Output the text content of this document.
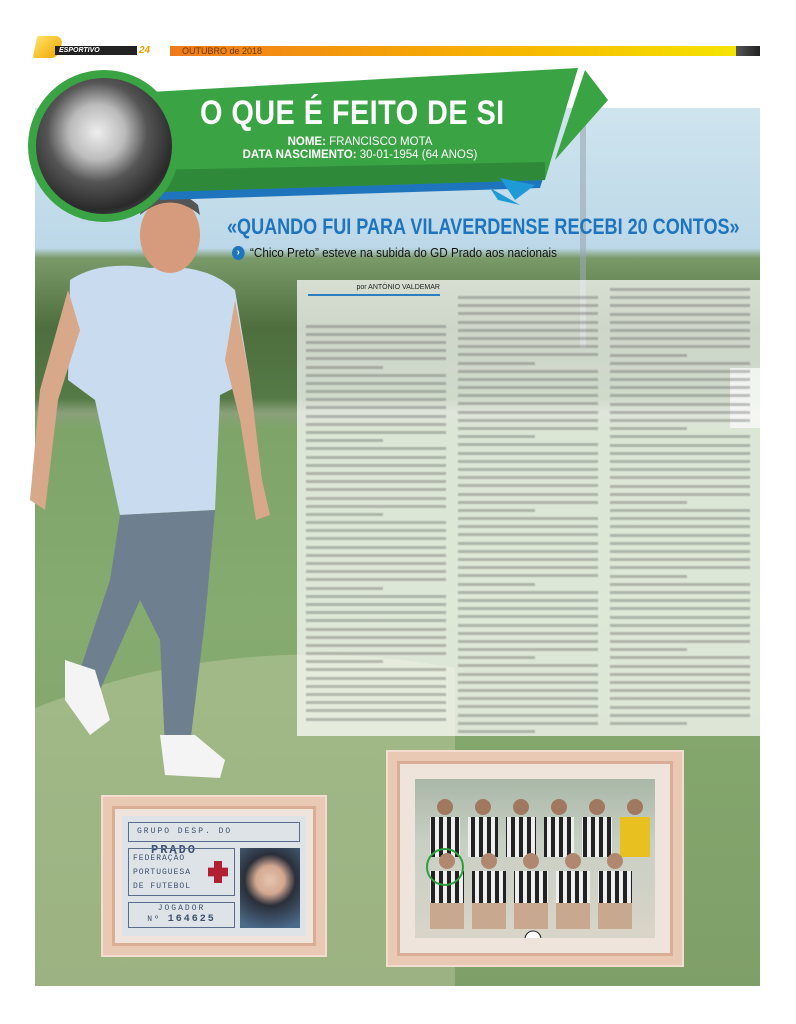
ESPORTIVO	24	OUTUBRO de 2018
O QUE É FEITO DE SI
NOME: FRANCISCO MOTA
DATA NASCIMENTO: 30-01-1954 (64 ANOS)
«QUANDO FUI PARA VILAVERDENSE RECEBI 20 CONTOS»
› “Chico Preto” esteve na subida do GD Prado aos nacionais
por ANTÓNIO VALDEMAR
GRUPO DESP. DO PRADO
FEDERAÇÃO
PORTUGUESA
DE FUTEBOL
JOGADOR
Nº 164625
